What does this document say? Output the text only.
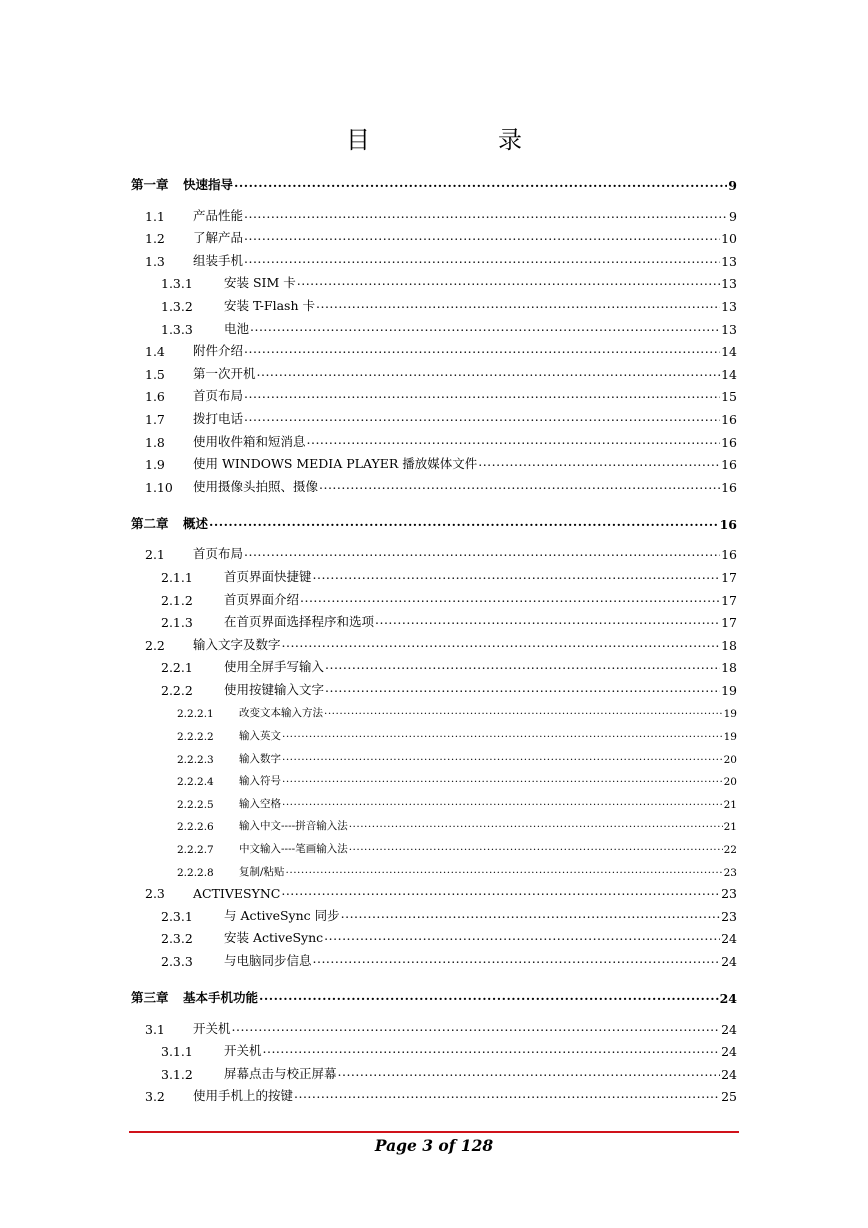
目　录
第一章	快速指导 .....	9
1.1	产品性能 .....	9
1.2	了解产品 .....	10
1.3	组装手机 .....	13
1.3.1	安装 SIM 卡 .....	13
1.3.2	安装 T-Flash 卡 .....	13
1.3.3	电池 .....	13
1.4	附件介绍 .....	14
1.5	第一次开机 .....	14
1.6	首页布局 .....	15
1.7	拨打电话 .....	16
1.8	使用收件箱和短消息 .....	16
1.9	使用 WINDOWS MEDIA PLAYER 播放媒体文件 .....	16
1.10	使用摄像头拍照、摄像 .....	16
第二章	概述 .....	16
2.1	首页布局 .....	16
2.1.1	首页界面快捷键 .....	17
2.1.2	首页界面介绍 .....	17
2.1.3	在首页界面选择程序和选项 .....	17
2.2	输入文字及数字 .....	18
2.2.1	使用全屏手写输入 .....	18
2.2.2	使用按键输入文字 .....	19
2.2.2.1	改变文本输入方法 .....	19
2.2.2.2	输入英文 .....	19
2.2.2.3	输入数字 .....	20
2.2.2.4	输入符号 .....	20
2.2.2.5	输入空格 .....	21
2.2.2.6	输入中文----拼音输入法 .....	21
2.2.2.7	中文输入----笔画输入法 .....	22
2.2.2.8	复制/粘贴 .....	23
2.3	ACTIVESYNC .....	23
2.3.1	与 ActiveSync 同步 .....	23
2.3.2	安装 ActiveSync .....	24
2.3.3	与电脑同步信息 .....	24
第三章	基本手机功能 .....	24
3.1	开关机 .....	24
3.1.1	开关机 .....	24
3.1.2	屏幕点击与校正屏幕 .....	24
3.2	使用手机上的按键 .....	25
Page 3 of 128
